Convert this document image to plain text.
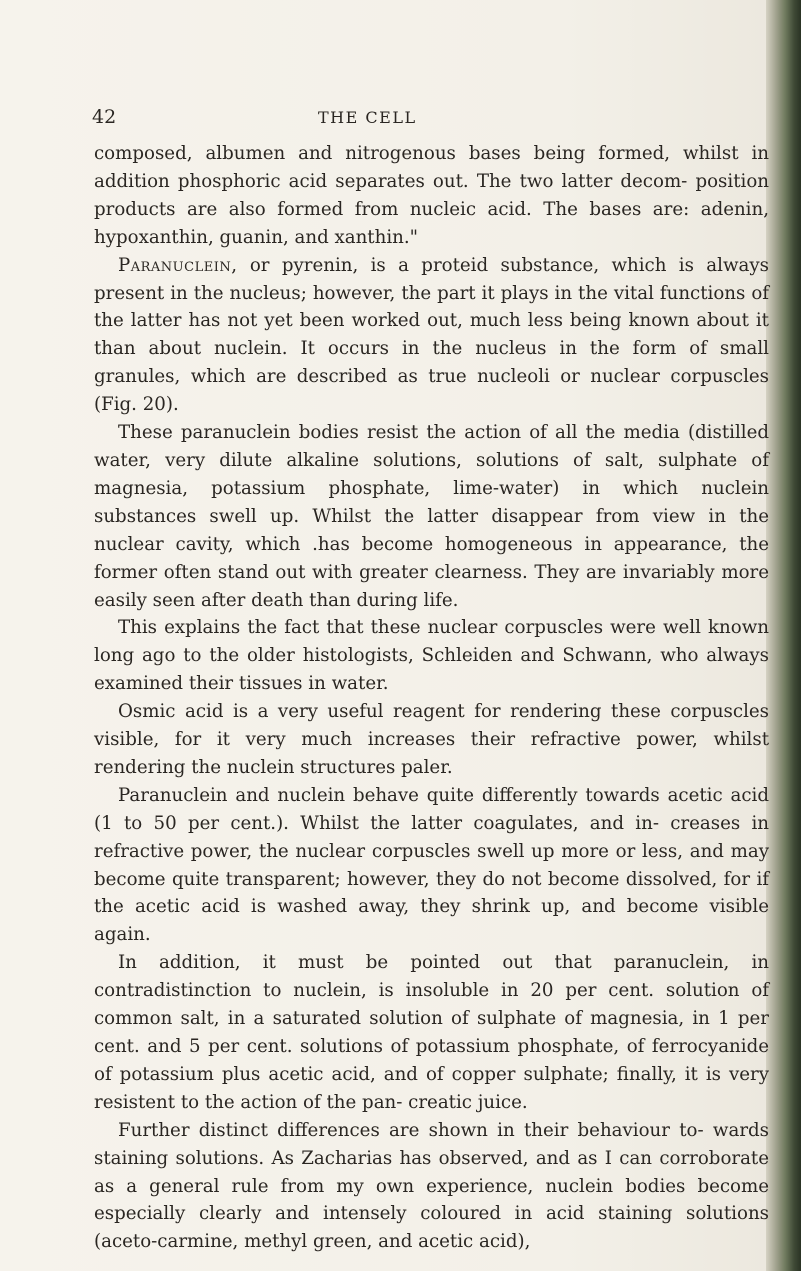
42	THE CELL

composed, albumen and nitrogenous bases being formed, whilst in addition phosphoric acid separates out. The two latter decom- position products are also formed from nucleic acid. The bases are: adenin, hypoxanthin, guanin, and xanthin."

Paranuclein, or pyrenin, is a proteid substance, which is always present in the nucleus; however, the part it plays in the vital functions of the latter has not yet been worked out, much less being known about it than about nuclein. It occurs in the nucleus in the form of small granules, which are described as true nucleoli or nuclear corpuscles (Fig. 20).

These paranuclein bodies resist the action of all the media (distilled water, very dilute alkaline solutions, solutions of salt, sulphate of magnesia, potassium phosphate, lime-water) in which nuclein substances swell up. Whilst the latter disappear from view in the nuclear cavity, which .has become homogeneous in appearance, the former often stand out with greater clearness. They are invariably more easily seen after death than during life.

This explains the fact that these nuclear corpuscles were well known long ago to the older histologists, Schleiden and Schwann, who always examined their tissues in water.

Osmic acid is a very useful reagent for rendering these corpuscles visible, for it very much increases their refractive power, whilst rendering the nuclein structures paler.

Paranuclein and nuclein behave quite differently towards acetic acid (1 to 50 per cent.). Whilst the latter coagulates, and in- creases in refractive power, the nuclear corpuscles swell up more or less, and may become quite transparent; however, they do not become dissolved, for if the acetic acid is washed away, they shrink up, and become visible again.

In addition, it must be pointed out that paranuclein, in contradistinction to nuclein, is insoluble in 20 per cent. solution of common salt, in a saturated solution of sulphate of magnesia, in 1 per cent. and 5 per cent. solutions of potassium phosphate, of ferrocyanide of potassium plus acetic acid, and of copper sulphate; finally, it is very resistent to the action of the pan- creatic juice.

Further distinct differences are shown in their behaviour to- wards staining solutions. As Zacharias has observed, and as I can corroborate as a general rule from my own experience, nuclein bodies become especially clearly and intensely coloured in acid staining solutions (aceto-carmine, methyl green, and acetic acid),
